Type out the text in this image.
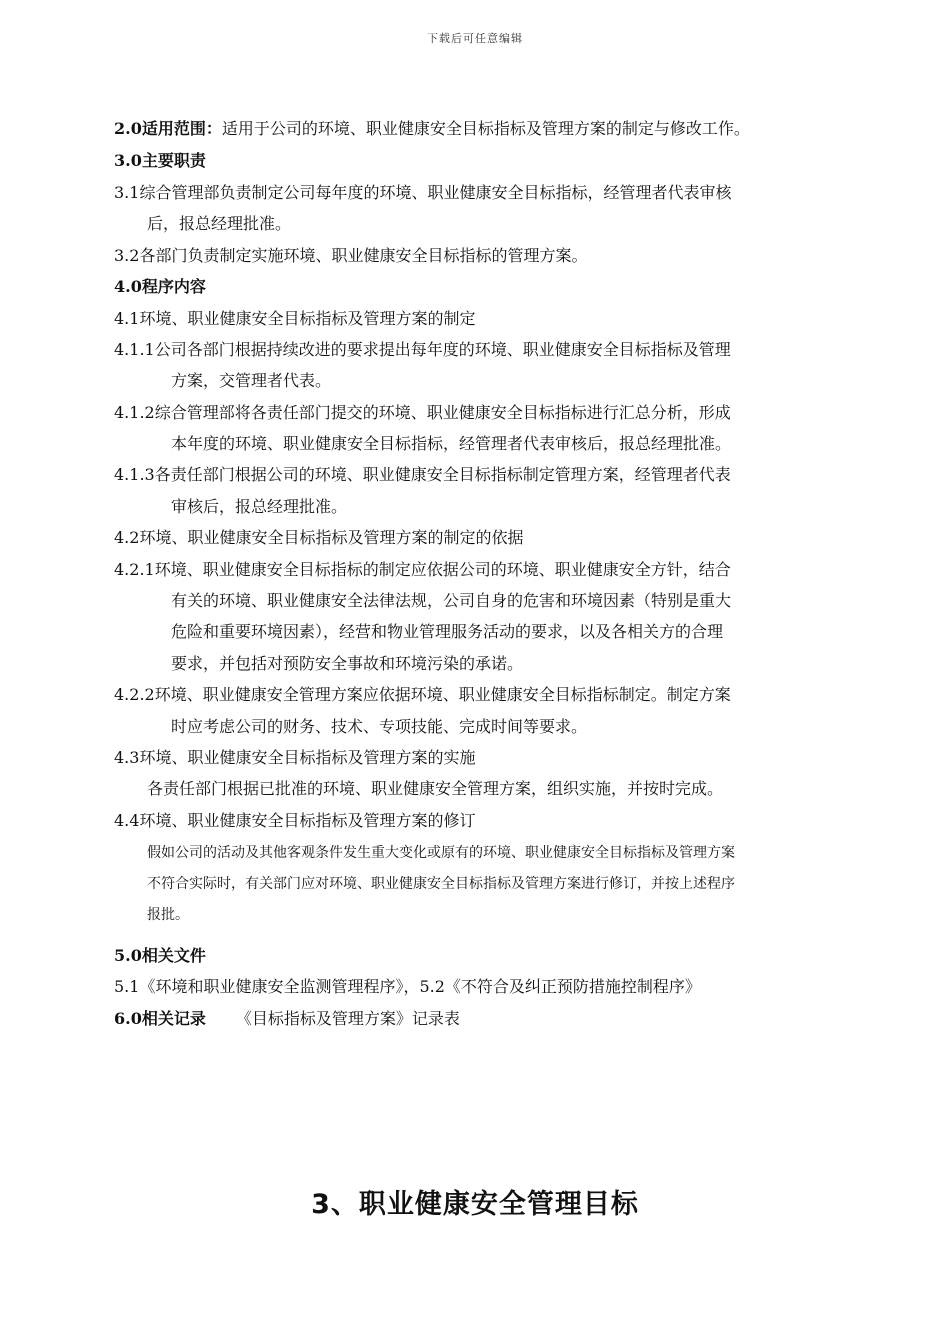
下载后可任意编辑
2.0适用范围：适用于公司的环境、职业健康安全目标指标及管理方案的制定与修改工作。
3.0主要职责
3.1综合管理部负责制定公司每年度的环境、职业健康安全目标指标，经管理者代表审核
后，报总经理批准。
3.2各部门负责制定实施环境、职业健康安全目标指标的管理方案。
4.0程序内容
4.1环境、职业健康安全目标指标及管理方案的制定
4.1.1公司各部门根据持续改进的要求提出每年度的环境、职业健康安全目标指标及管理
方案，交管理者代表。
4.1.2综合管理部将各责任部门提交的环境、职业健康安全目标指标进行汇总分析，形成
本年度的环境、职业健康安全目标指标，经管理者代表审核后，报总经理批准。
4.1.3各责任部门根据公司的环境、职业健康安全目标指标制定管理方案，经管理者代表
审核后，报总经理批准。
4.2环境、职业健康安全目标指标及管理方案的制定的依据
4.2.1环境、职业健康安全目标指标的制定应依据公司的环境、职业健康安全方针，结合
有关的环境、职业健康安全法律法规，公司自身的危害和环境因素（特别是重大
危险和重要环境因素），经营和物业管理服务活动的要求，以及各相关方的合理
要求，并包括对预防安全事故和环境污染的承诺。
4.2.2环境、职业健康安全管理方案应依据环境、职业健康安全目标指标制定。制定方案
时应考虑公司的财务、技术、专项技能、完成时间等要求。
4.3环境、职业健康安全目标指标及管理方案的实施
各责任部门根据已批准的环境、职业健康安全管理方案，组织实施，并按时完成。
4.4环境、职业健康安全目标指标及管理方案的修订
假如公司的活动及其他客观条件发生重大变化或原有的环境、职业健康安全目标指标及管理方案
不符合实际时，有关部门应对环境、职业健康安全目标指标及管理方案进行修订，并按上述程序
报批。
5.0相关文件
5.1《环境和职业健康安全监测管理程序》，5.2《不符合及纠正预防措施控制程序》
6.0相关记录 《目标指标及管理方案》记录表
3、职业健康安全管理目标
